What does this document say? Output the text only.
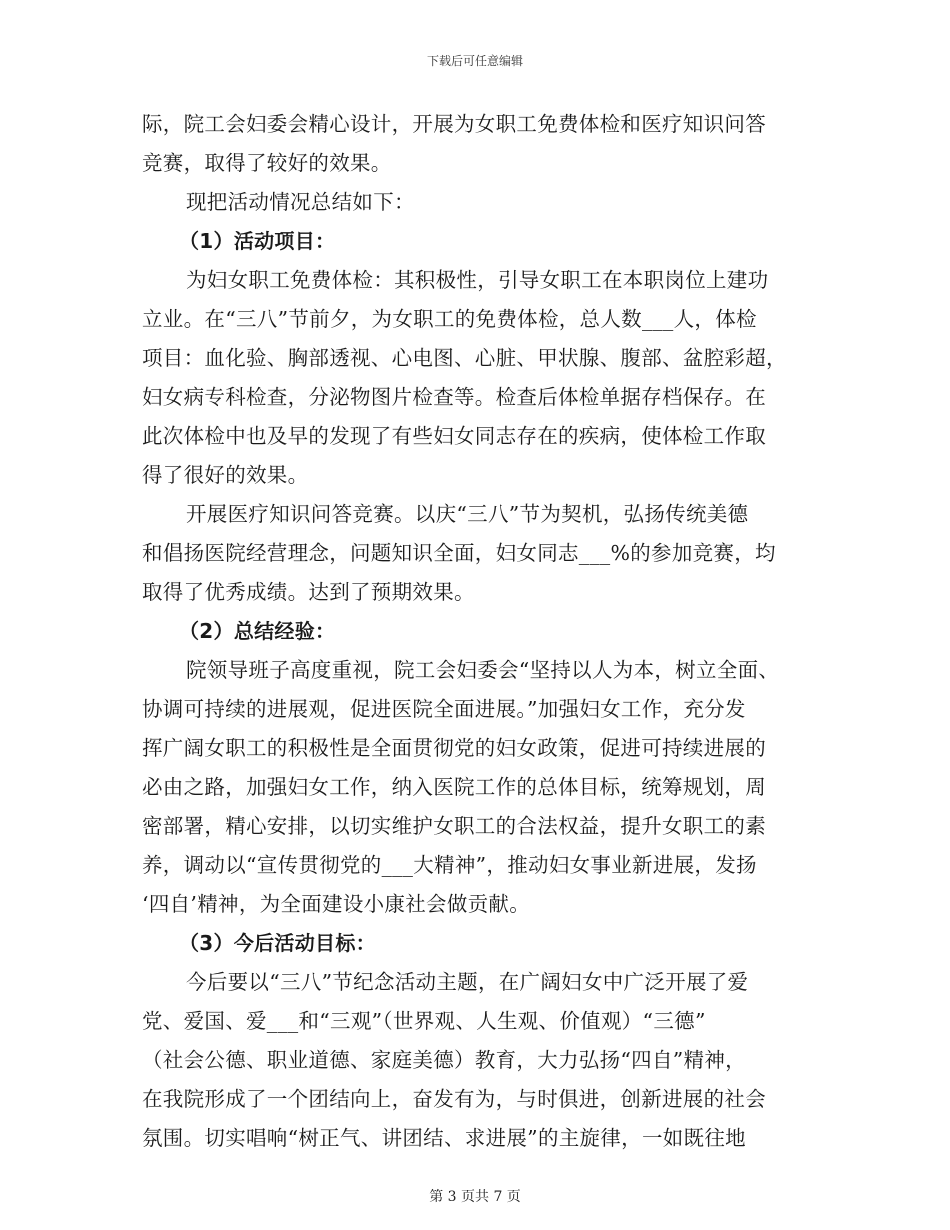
下载后可任意编辑
际，院工会妇委会精心设计，开展为女职工免费体检和医疗知识问答
竞赛，取得了较好的效果。
现把活动情况总结如下：
（1）活动项目：
为妇女职工免费体检：其积极性，引导女职工在本职岗位上建功
立业。在“三八”节前夕，为女职工的免费体检，总人数___人，体检
项目：血化验、胸部透视、心电图、心脏、甲状腺、腹部、盆腔彩超，
妇女病专科检查，分泌物图片检查等。检查后体检单据存档保存。在
此次体检中也及早的发现了有些妇女同志存在的疾病，使体检工作取
得了很好的效果。
开展医疗知识问答竞赛。以庆“三八”节为契机，弘扬传统美德
和倡扬医院经营理念，问题知识全面，妇女同志___%的参加竞赛，均
取得了优秀成绩。达到了预期效果。
（2）总结经验：
院领导班子高度重视，院工会妇委会“坚持以人为本，树立全面、
协调可持续的进展观，促进医院全面进展。”加强妇女工作，充分发
挥广阔女职工的积极性是全面贯彻党的妇女政策，促进可持续进展的
必由之路，加强妇女工作，纳入医院工作的总体目标，统筹规划，周
密部署，精心安排，以切实维护女职工的合法权益，提升女职工的素
养，调动以“宣传贯彻党的___大精神”，推动妇女事业新进展，发扬
‘四自’精神，为全面建设小康社会做贡献。
（3）今后活动目标：
今后要以“三八”节纪念活动主题，在广阔妇女中广泛开展了爱
党、爱国、爱___和“三观”（世界观、人生观、价值观）“三德”
（社会公德、职业道德、家庭美德）教育，大力弘扬“四自”精神，
在我院形成了一个团结向上，奋发有为，与时俱进，创新进展的社会
氛围。切实唱响“树正气、讲团结、求进展”的主旋律，一如既往地
第 3 页共 7 页
